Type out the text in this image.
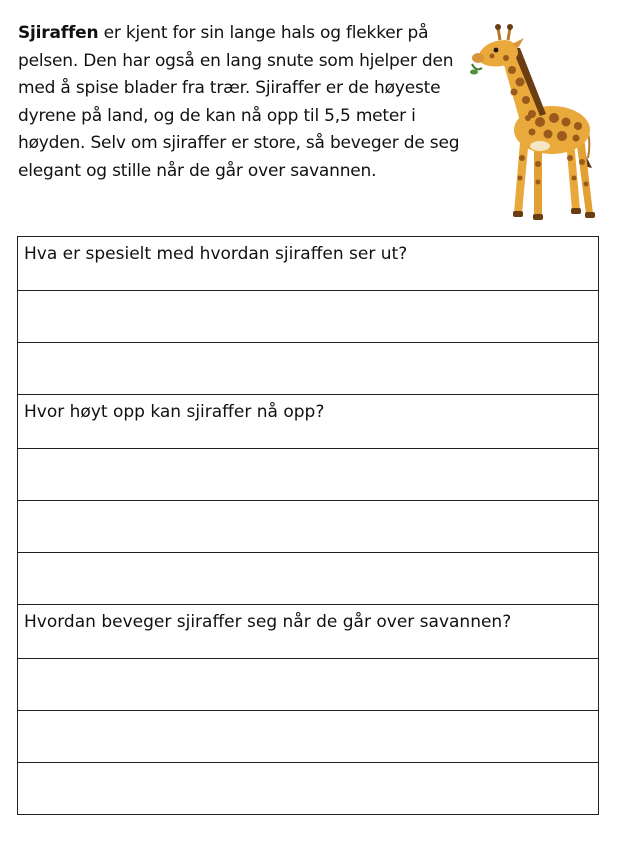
Sjiraffen er kjent for sin lange hals og flekker på pelsen. Den har også en lang snute som hjelper den med å spise blader fra trær. Sjiraffer er de høyeste dyrene på land, og de kan nå opp til 5,5 meter i høyden. Selv om sjiraffer er store, så beveger de seg elegant og stille når de går over savannen.
Hva er spesielt med hvordan sjiraffen ser ut?

Hvor høyt opp kan sjiraffer nå opp?

Hvordan beveger sjiraffer seg når de går over savannen?
